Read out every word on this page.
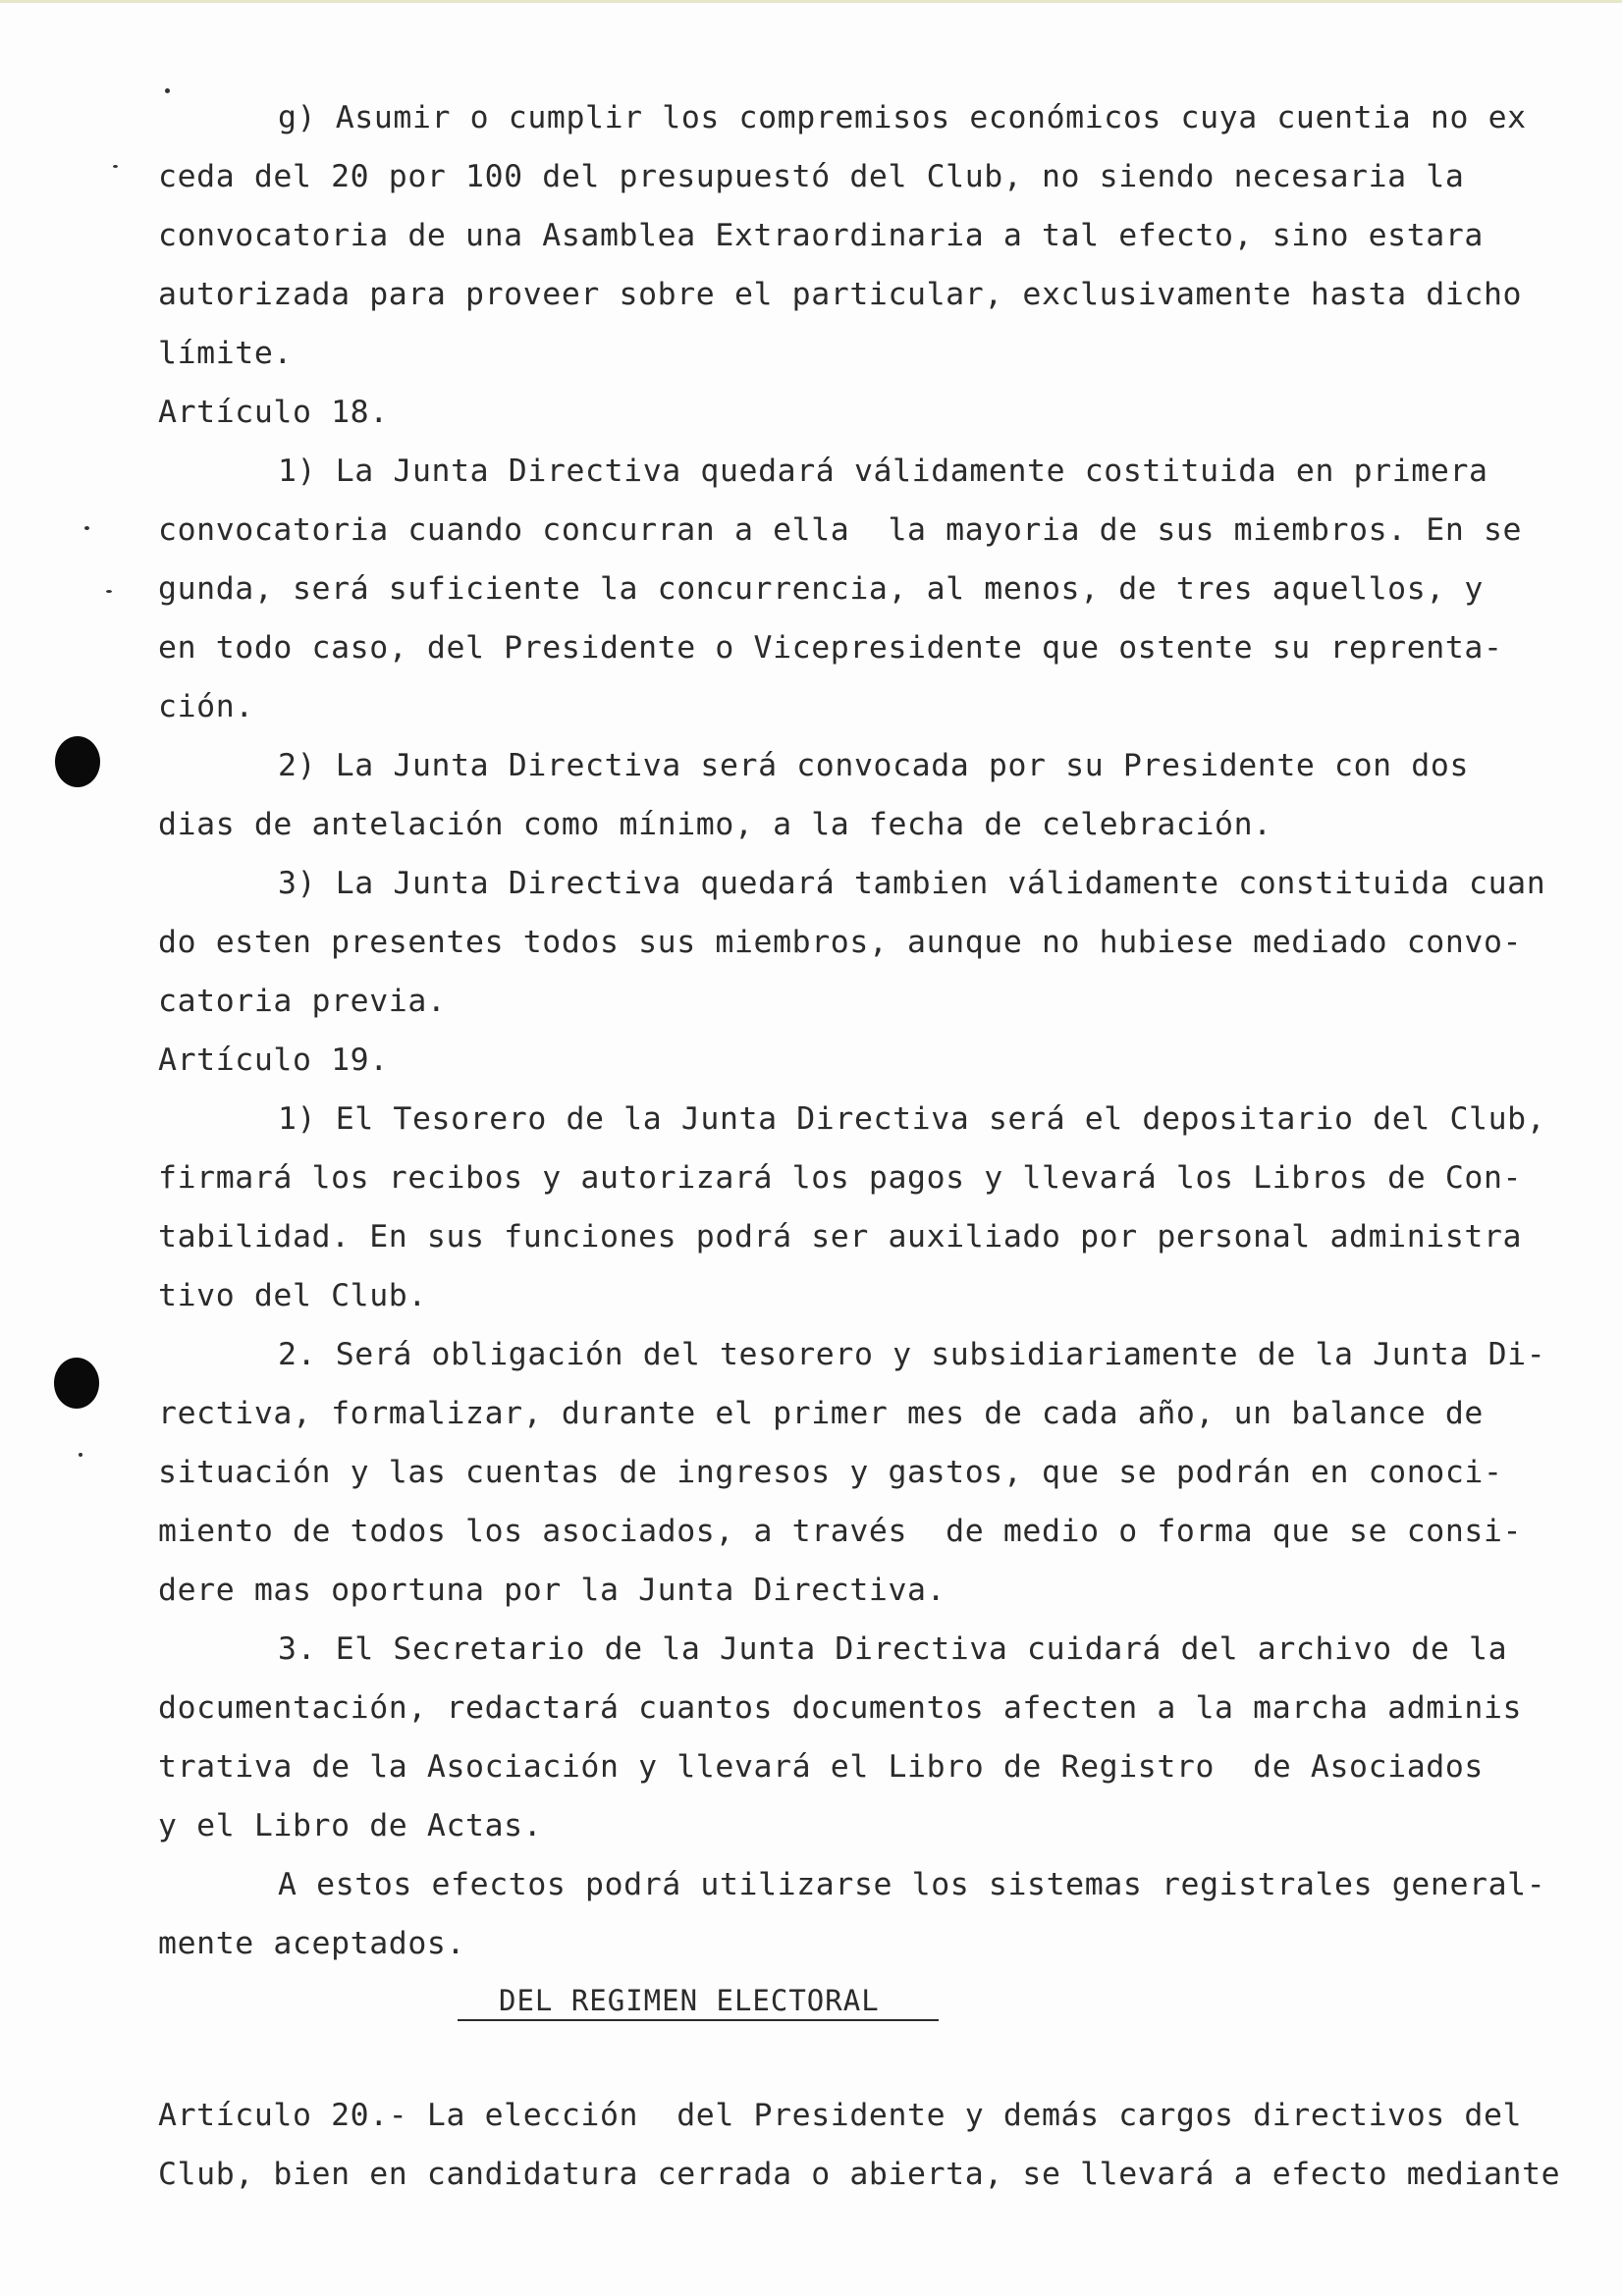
g) Asumir o cumplir los compremisos económicos cuya cuentia no ex
ceda del 20 por 100 del presupuestó del Club, no siendo necesaria la
convocatoria de una Asamblea Extraordinaria a tal efecto, sino estara
autorizada para proveer sobre el particular, exclusivamente hasta dicho
límite.
Artículo 18.
1) La Junta Directiva quedará válidamente costituida en primera
convocatoria cuando concurran a ella  la mayoria de sus miembros. En se
gunda, será suficiente la concurrencia, al menos, de tres aquellos, y
en todo caso, del Presidente o Vicepresidente que ostente su reprenta-
ción.
2) La Junta Directiva será convocada por su Presidente con dos
dias de antelación como mínimo, a la fecha de celebración.
3) La Junta Directiva quedará tambien válidamente constituida cuan
do esten presentes todos sus miembros, aunque no hubiese mediado convo-
catoria previa.
Artículo 19.
1) El Tesorero de la Junta Directiva será el depositario del Club,
firmará los recibos y autorizará los pagos y llevará los Libros de Con-
tabilidad. En sus funciones podrá ser auxiliado por personal administra
tivo del Club.
2. Será obligación del tesorero y subsidiariamente de la Junta Di-
rectiva, formalizar, durante el primer mes de cada año, un balance de
situación y las cuentas de ingresos y gastos, que se podrán en conoci-
miento de todos los asociados, a través  de medio o forma que se consi-
dere mas oportuna por la Junta Directiva.
3. El Secretario de la Junta Directiva cuidará del archivo de la
documentación, redactará cuantos documentos afecten a la marcha adminis
trativa de la Asociación y llevará el Libro de Registro  de Asociados
y el Libro de Actas.
A estos efectos podrá utilizarse los sistemas registrales general-
mente aceptados.
DEL REGIMEN ELECTORAL
Artículo 20.- La elección  del Presidente y demás cargos directivos del
Club, bien en candidatura cerrada o abierta, se llevará a efecto mediante
